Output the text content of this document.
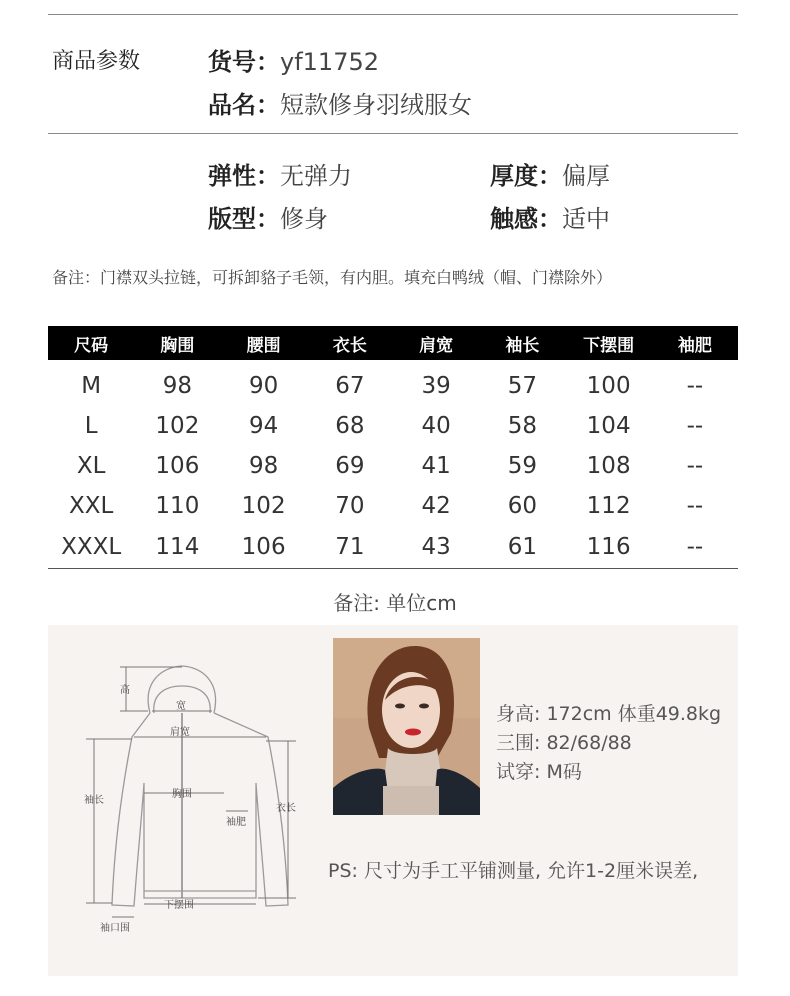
商品参数	货号：yf11752
品名：短款修身羽绒服女
弹性：无弹力	厚度：偏厚
版型：修身	触感：适中
备注：门襟双头拉链，可拆卸貉子毛领，有内胆。填充白鸭绒（帽、门襟除外）
尺码	胸围	腰围	衣长	肩宽	袖长	下摆围	袖肥
M	98	90	67	39	57	100	--
L	102	94	68	40	58	104	--
XL	106	98	69	41	59	108	--
XXL	110	102	70	42	60	112	--
XXXL	114	106	71	43	61	116	--
备注: 单位cm
高
宽
肩宽
袖长
胸围
袖肥
衣长
下摆围
袖口围
身高: 172cm 体重49.8kg
三围: 82/68/88
试穿: M码
PS: 尺寸为手工平铺测量, 允许1-2厘米误差,
